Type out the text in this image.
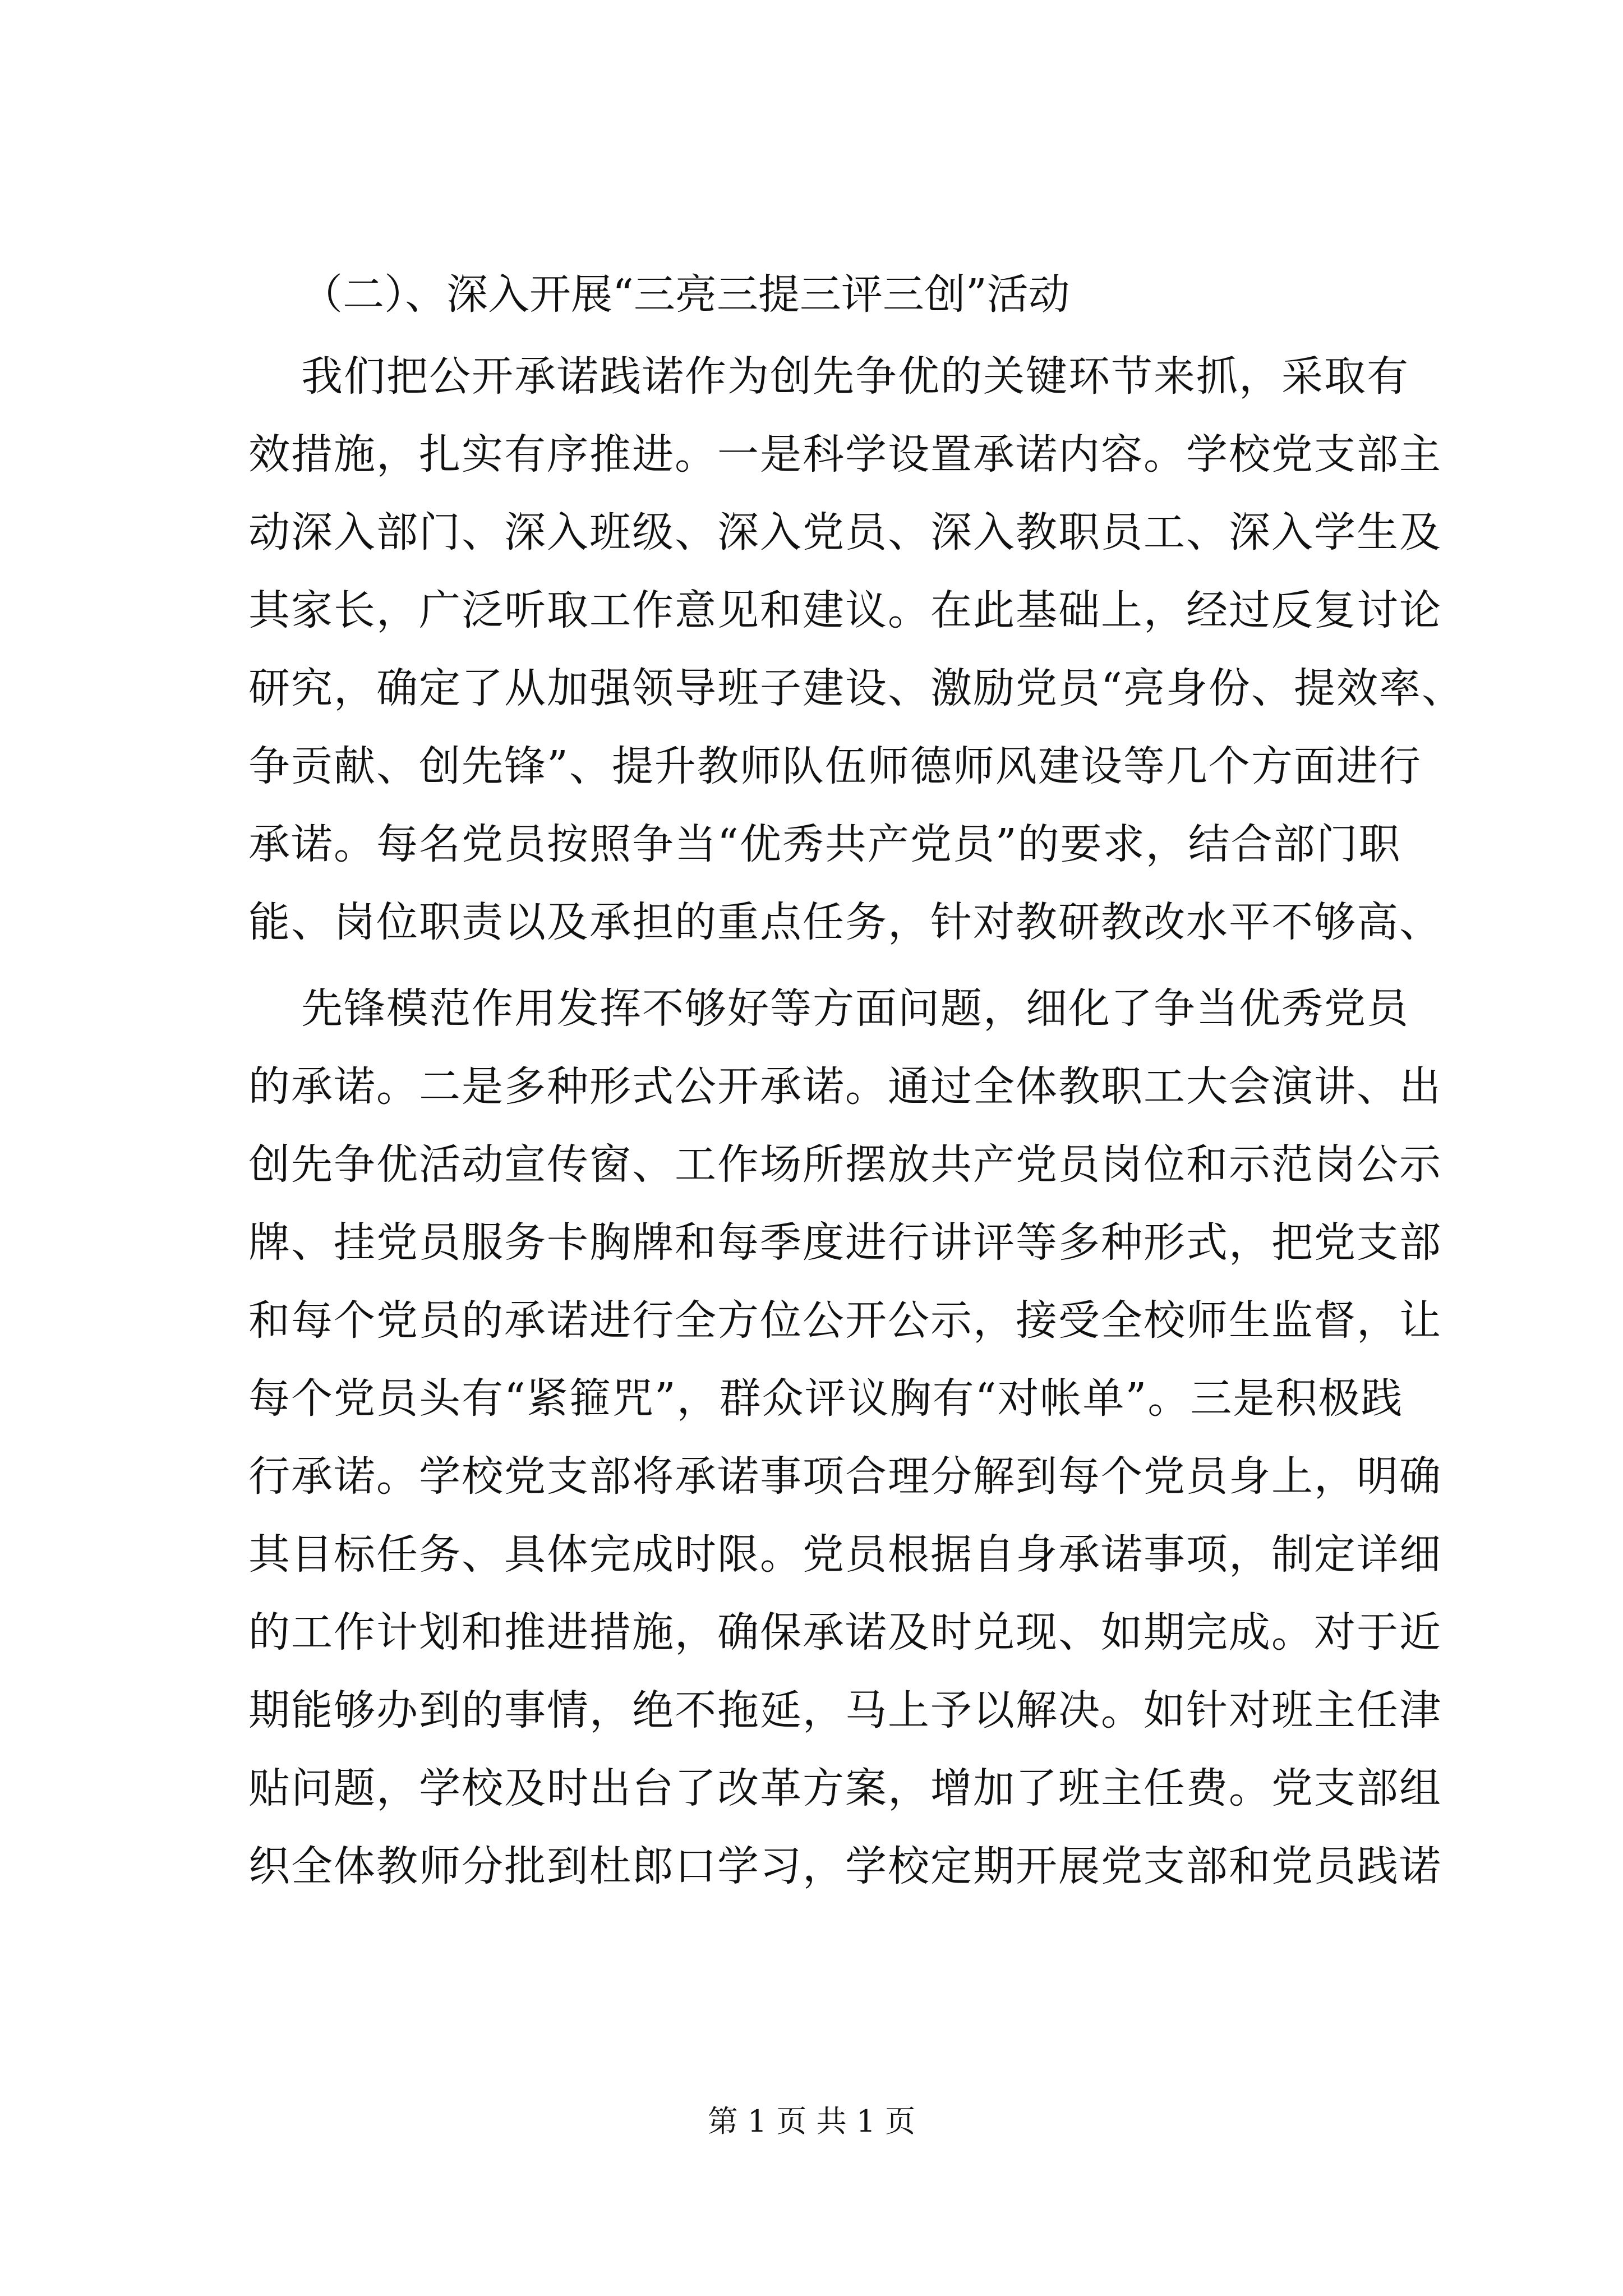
（二）、深入开展“三亮三提三评三创”活动

我们把公开承诺践诺作为创先争优的关键环节来抓，采取有

效措施，扎实有序推进。一是科学设置承诺内容。学校党支部主

动深入部门、深入班级、深入党员、深入教职员工、深入学生及

其家长，广泛听取工作意见和建议。在此基础上，经过反复讨论

研究，确定了从加强领导班子建设、激励党员“亮身份、提效率、

争贡献、创先锋”、提升教师队伍师德师风建设等几个方面进行

承诺。每名党员按照争当“优秀共产党员”的要求，结合部门职

能、岗位职责以及承担的重点任务，针对教研教改水平不够高、

先锋模范作用发挥不够好等方面问题，细化了争当优秀党员

的承诺。二是多种形式公开承诺。通过全体教职工大会演讲、出

创先争优活动宣传窗、工作场所摆放共产党员岗位和示范岗公示

牌、挂党员服务卡胸牌和每季度进行讲评等多种形式，把党支部

和每个党员的承诺进行全方位公开公示，接受全校师生监督，让

每个党员头有“紧箍咒”，群众评议胸有“对帐单”。三是积极践

行承诺。学校党支部将承诺事项合理分解到每个党员身上，明确

其目标任务、具体完成时限。党员根据自身承诺事项，制定详细

的工作计划和推进措施，确保承诺及时兑现、如期完成。对于近

期能够办到的事情，绝不拖延，马上予以解决。如针对班主任津

贴问题，学校及时出台了改革方案，增加了班主任费。党支部组

织全体教师分批到杜郎口学习，学校定期开展党支部和党员践诺

第 1 页 共 1 页
